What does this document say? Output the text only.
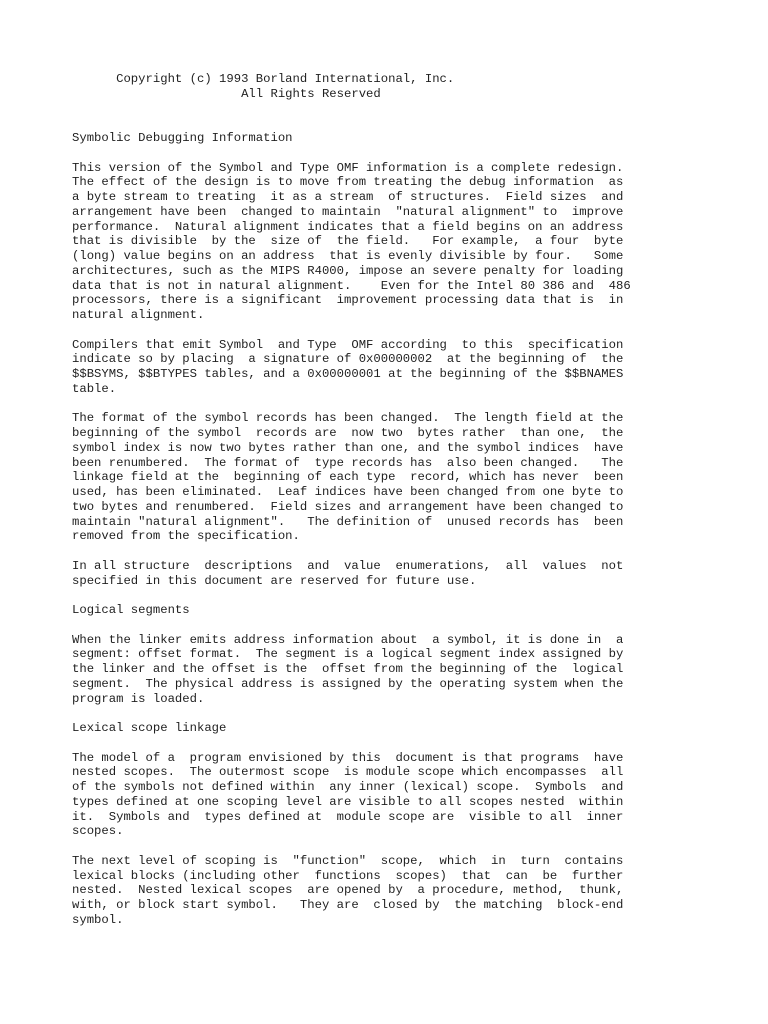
Copyright (c) 1993 Borland International, Inc.
All Rights Reserved
Symbolic Debugging Information
This version of the Symbol and Type OMF information is a complete redesign.
The effect of the design is to move from treating the debug information  as
a byte stream to treating  it as a stream  of structures.  Field sizes  and
arrangement have been  changed to maintain  "natural alignment" to  improve
performance.  Natural alignment indicates that a field begins on an address
that is divisible  by the  size of  the field.   For example,  a four  byte
(long) value begins on an address  that is evenly divisible by four.   Some
architectures, such as the MIPS R4000, impose an severe penalty for loading
data that is not in natural alignment.    Even for the Intel 80 386 and  486
processors, there is a significant  improvement processing data that is  in
natural alignment.
Compilers that emit Symbol  and Type  OMF according  to this  specification
indicate so by placing  a signature of 0x00000002  at the beginning of  the
$$BSYMS, $$BTYPES tables, and a 0x00000001 at the beginning of the $$BNAMES
table.
The format of the symbol records has been changed.  The length field at the
beginning of the symbol  records are  now two  bytes rather  than one,  the
symbol index is now two bytes rather than one, and the symbol indices  have
been renumbered.  The format of  type records has  also been changed.   The
linkage field at the  beginning of each type  record, which has never  been
used, has been eliminated.  Leaf indices have been changed from one byte to
two bytes and renumbered.  Field sizes and arrangement have been changed to
maintain "natural alignment".   The definition of  unused records has  been
removed from the specification.
In all structure  descriptions  and  value  enumerations,  all  values  not
specified in this document are reserved for future use.
Logical segments
When the linker emits address information about  a symbol, it is done in  a
segment: offset format.  The segment is a logical segment index assigned by
the linker and the offset is the  offset from the beginning of the  logical
segment.  The physical address is assigned by the operating system when the
program is loaded.
Lexical scope linkage
The model of a  program envisioned by this  document is that programs  have
nested scopes.  The outermost scope  is module scope which encompasses  all
of the symbols not defined within  any inner (lexical) scope.  Symbols  and
types defined at one scoping level are visible to all scopes nested  within
it.  Symbols and  types defined at  module scope are  visible to all  inner
scopes.
The next level of scoping is  "function"  scope,  which  in  turn  contains
lexical blocks (including other  functions  scopes)  that  can  be  further
nested.  Nested lexical scopes  are opened by  a procedure, method,  thunk,
with, or block start symbol.   They are  closed by  the matching  block-end
symbol.
